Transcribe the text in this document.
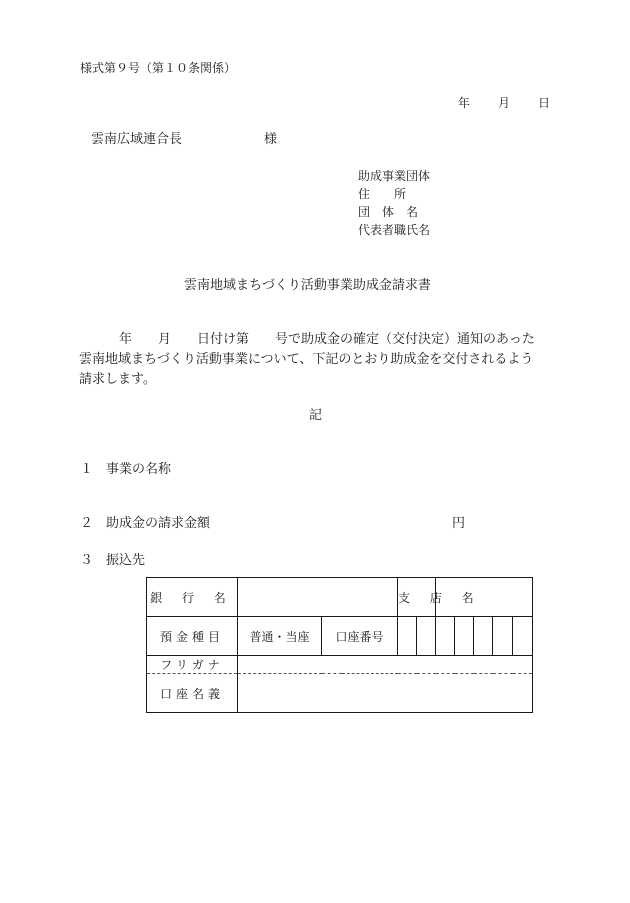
様式第９号（第１０条関係）
年 月 日
雲南広域連合長	様
助成事業団体
住　　所
団　体　名
代表者職氏名
雲南地域まちづくり活動事業助成金請求書
年　　月　　日付け第　　号で助成金の確定（交付決定）通知のあった
雲南地域まちづくり活動事業について、下記のとおり助成金を交付されるよう
請求します。
記
１ 事業の名称
２ 助成金の請求金額	円
３ 振込先
銀 行 名			支 店 名						
預金種目	普通・当座	口座番号							
フリガナ									
口座名義									
